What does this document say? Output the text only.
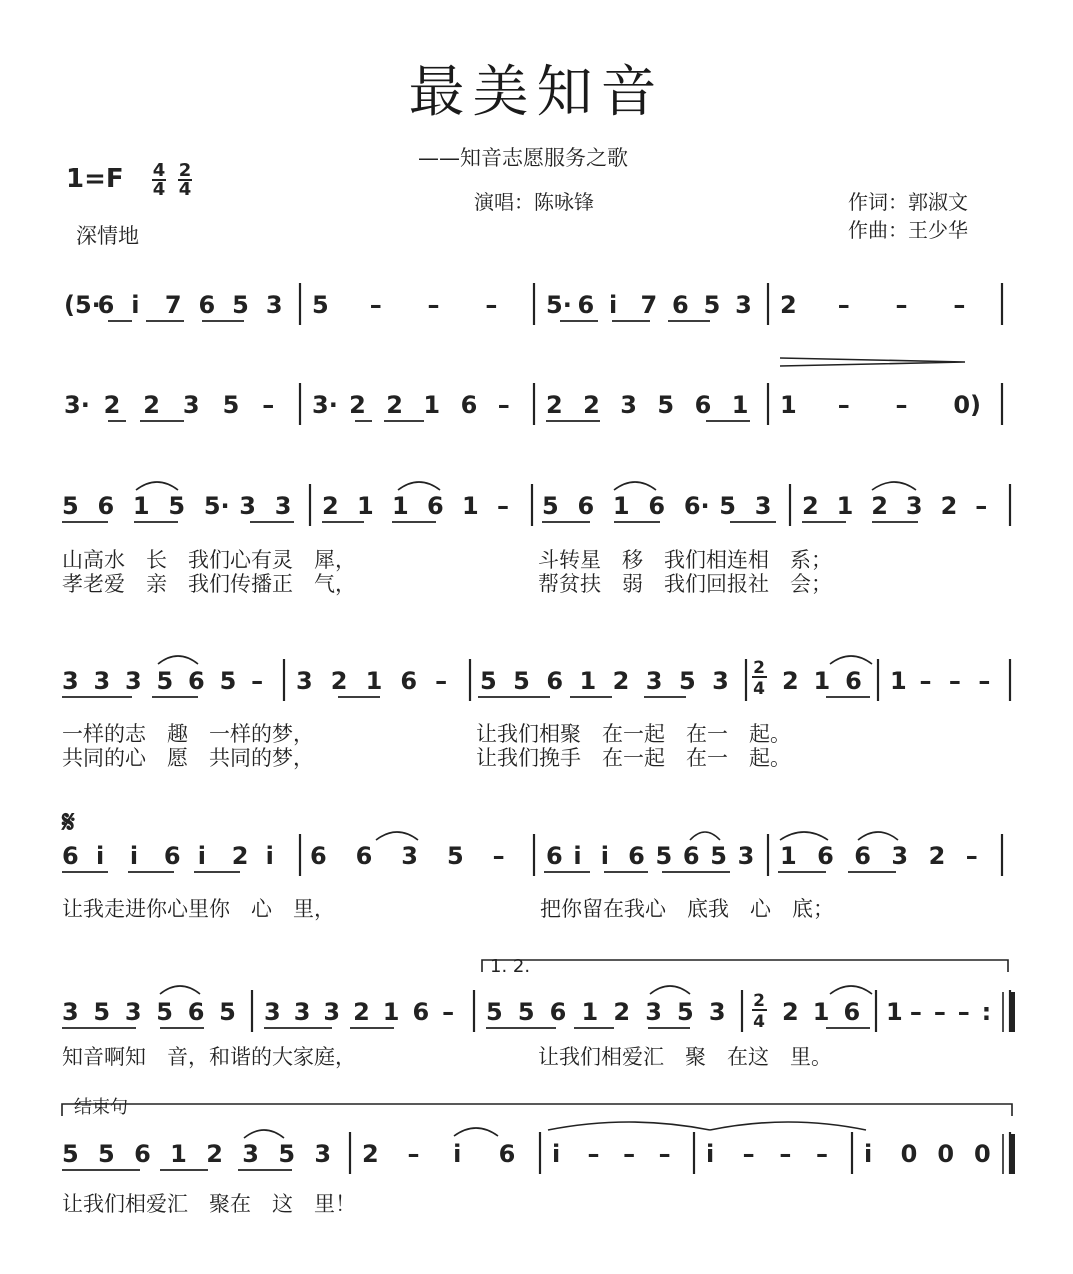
最美知音
——知音志愿服务之歌
1=F 4
4
2
4
深情地
演唱：陈咏锋	作词：郭淑文
作曲：王少华
(5·
6 i 7 6 5 3 5 – – – 5· 6 i 7 6 5 3 2 – – –
3· 2 2 3 5 – 3· 2 2 1 6 – 2 2 3 5 6 1 1 – – 0)
5 6 1 5 5· 3 3 2 1 1 6 1 – 5 6 1 6 6· 5 3 2 1 2 3 2 –
山高水　长　我们心有灵　犀，	斗转星　移　我们相连相　系；
孝老爱　亲　我们传播正　气，	帮贫扶　弱　我们回报社　会；
3 3 3 5 6 5 – 3 2 1 6 – 5 5 6 1 2 3 5 3 2 1 6 1 – – –
一样的志　趣　一样的梦，	让我们相聚　在一起　在一　起。
共同的心　愿　共同的梦，	让我们挽手　在一起　在一　起。
6 i i 6 i 2 i 6 6 3 5 – 6 i i 6 5 6 5 3 1 6 6 3 2 –
让我走进你心里你　心　里，	把你留在我心　底我　心　底；
3 5 3 5 6 5 3 3 3 2 1 6 – 5 5 6 1 2 3 5 3 2 1 6 1 – – – :
知音啊知　音，和谐的大家庭，	让我们相爱汇　聚　在这　里。
5 5 6 1 2 3 5 3 2 – i 6 i – – – i – – – i 0 0 0
让我们相爱汇　聚在　这　里！
𝄋
1. 2.
结束句
2
4
2
4
